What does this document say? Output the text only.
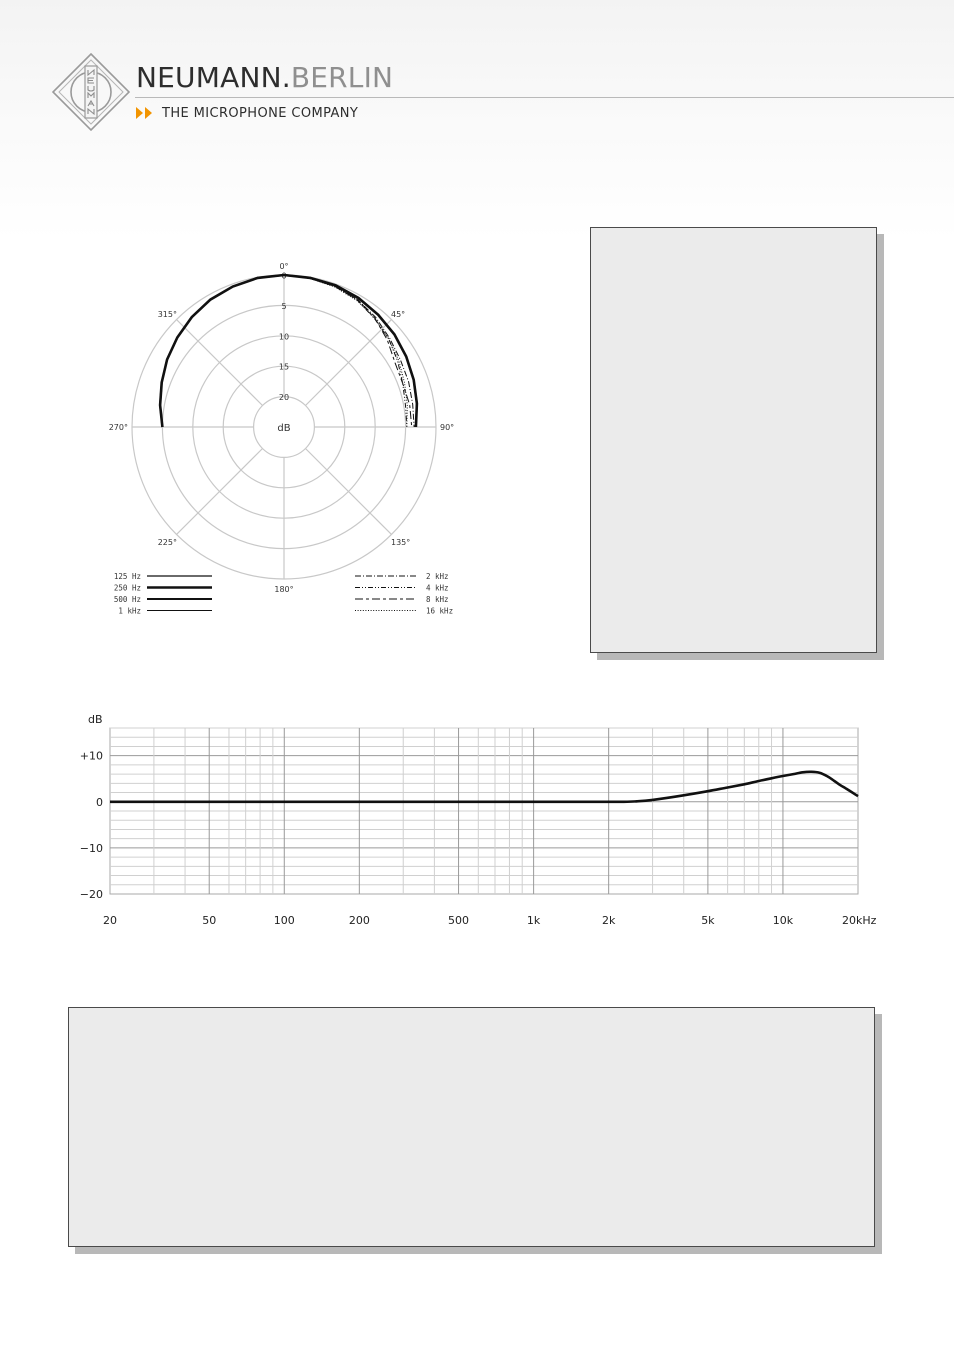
NEUMANN.BERLIN
THE MICROPHONE COMPANY
0
5
10
15
20
dB
0°
45°
90°
135°
180°
225°
270°
315°
125 Hz
250 Hz
500 Hz
1 kHz
2 kHz
4 kHz
8 kHz
16 kHz
dB
+10
0
−10
−20
20	50	100	200	500	1k	2k	5k	10k	20kHz
